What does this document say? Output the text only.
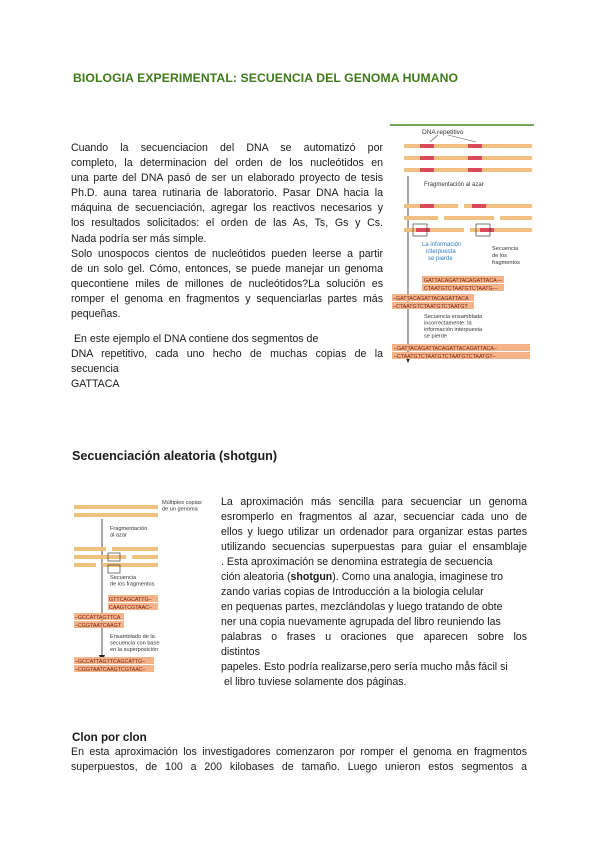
BIOLOGIA EXPERIMENTAL: SECUENCIA DEL GENOMA HUMANO
Cuando la secuenciacion del DNA se automatizó por
completo, la determinacion del orden de los nucleótidos en
una parte del DNA pasó de ser un elaborado proyecto de tesis
Ph.D. auna tarea rutinaria de laboratorio. Pasar DNA hacia la
máquina de secuenciación, agregar los reactivos necesarios y
los resultados solicitados: el orden de las As, Ts, Gs y Cs.
Nada podría ser más simple.
Solo unospocos cientos de nucleótidos pueden leerse a partir
de un solo gel. Cómo, entonces, se puede manejar un genoma
quecontiene miles de millones de nucleótidos?La solución es
romper el genoma en fragmentos y sequenciarlas partes más
pequeñas.
En este ejemplo el DNA contiene dos segmentos de
DNA repetitivo, cada uno hecho de muchas copias de la
secuencia
GATTACA
DNA repetitivo
Fragmentación al azar
La información interpuesta se pierde
Secuencia de los fragmentos
GATTACAGATTACAGATTACA—
CTAATGTCTAATGTCTAATG—
–GATTACAGATTACAGATTACA
–CTAATGTCTAATGTCTAATGT
Secuencia ensamblada incorrectamente: la información interpuesta se pierde
–GATTACAGATTACAGATTACAGATTACA–
–CTAATGTCTAATGTCTAATGTCTAATGT–
Secuenciación aleatoria (shotgun)
Múltiples copias de un genoma
Fragmentación al azar
Secuencia de los fragmentos
GTTCAGCATTG–
CAAGTCGTAAC–
–GCCATTAGTTCA
–CGGTAATCAAGT
Ensamblado de la secuencia con base en la superposición
–GCCATTAGTTCAGCATTG–
–CGGTAATCAAGTCGTAAC–
La aproximación más sencilla para secuenciar un genoma
esromperlo en fragmentos al azar, secuenciar cada uno de
ellos y luego utilizar un ordenador para organizar estas partes
utilizando secuencias superpuestas para guiar el ensamblaje
. Esta aproximación se denomina estrategia de secuencia
ción aleatoria (shotgun). Como una analogia, imaginese tro
zando varias copias de Introducción a la biologia celular
en pequenas partes, mezclándolas y luego tratando de obte
ner una copia nuevamente agrupada del libro reuniendo las
palabras o frases u oraciones que aparecen sobre los
distintos
papeles. Esto podría realizarse,pero sería mucho mås fácil si
el libro tuviese solamente dos páginas.
Clon por clon
En esta aproximación los investigadores comenzaron por romper el genoma en fragmentos
superpuestos, de 100 a 200 kilobases de tamaño. Luego unieron estos segmentos a
